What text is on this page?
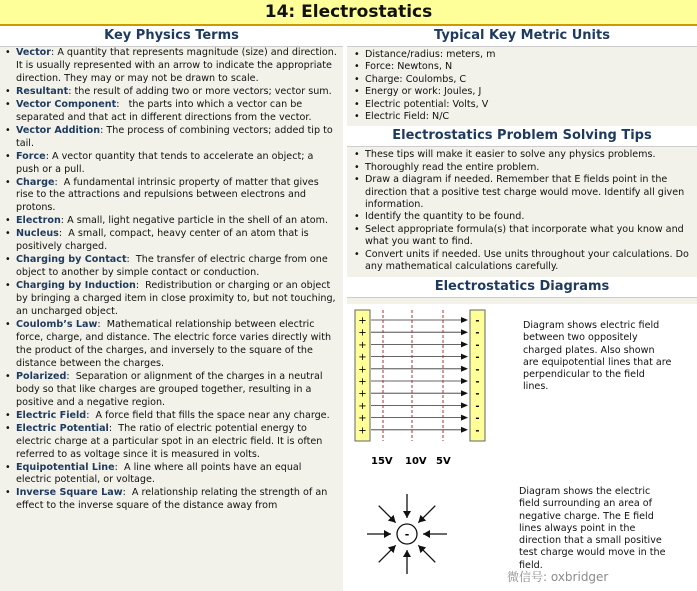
14: Electrostatics
Key Physics Terms
• Vector: A quantity that represents magnitude (size) and direction. It is usually represented with an arrow to indicate the appropriate direction. They may or may not be drawn to scale.
• Resultant: the result of adding two or more vectors; vector sum.
• Vector Component:   the parts into which a vector can be separated and that act in different directions from the vector.
• Vector Addition: The process of combining vectors; added tip to tail.
• Force: A vector quantity that tends to accelerate an object; a push or a pull.
• Charge:  A fundamental intrinsic property of matter that gives rise to the attractions and repulsions between electrons and protons.
• Electron: A small, light negative particle in the shell of an atom.
• Nucleus:  A small, compact, heavy center of an atom that is positively charged.
• Charging by Contact:  The transfer of electric charge from one object to another by simple contact or conduction.
• Charging by Induction:  Redistribution or charging or an object by bringing a charged item in close proximity to, but not touching, an uncharged object.
• Coulomb’s Law:  Mathematical relationship between electric force, charge, and distance. The electric force varies directly with the product of the charges, and inversely to the square of the distance between the charges.
• Polarized:  Separation or alignment of the charges in a neutral body so that like charges are grouped together, resulting in a positive and a negative region.
• Electric Field:  A force field that fills the space near any charge.
• Electric Potential:  The ratio of electric potential energy to electric charge at a particular spot in an electric field. It is often referred to as voltage since it is measured in volts.
• Equipotential Line:  A line where all points have an equal electric potential, or voltage.
• Inverse Square Law:  A relationship relating the strength of an effect to the inverse square of the distance away from
Typical Key Metric Units
• Distance/radius: meters, m
• Force: Newtons, N
• Charge: Coulombs, C
• Energy or work: Joules, J
• Electric potential: Volts, V
• Electric Field: N/C
Electrostatics Problem Solving Tips
• These tips will make it easier to solve any physics problems.
• Thoroughly read the entire problem.
• Draw a diagram if needed. Remember that E fields point in the direction that a positive test charge would move. Identify all given information.
• Identify the quantity to be found.
• Select appropriate formula(s) that incorporate what you know and what you want to find.
• Convert units if needed. Use units throughout your calculations. Do any mathematical calculations carefully.
Electrostatics Diagrams
+
+
+
+
+
+
+
+
+
+
-
-
-
-
-
-
-
-
-
-
15V 10V 5V
-
Diagram shows electric field between two oppositely charged plates. Also shown are equipotential lines that are perpendicular to the field lines.
Diagram shows the electric field surrounding an area of negative charge. The E field lines always point in the direction that a small positive test charge would move in the field.
微信号: oxbridger
